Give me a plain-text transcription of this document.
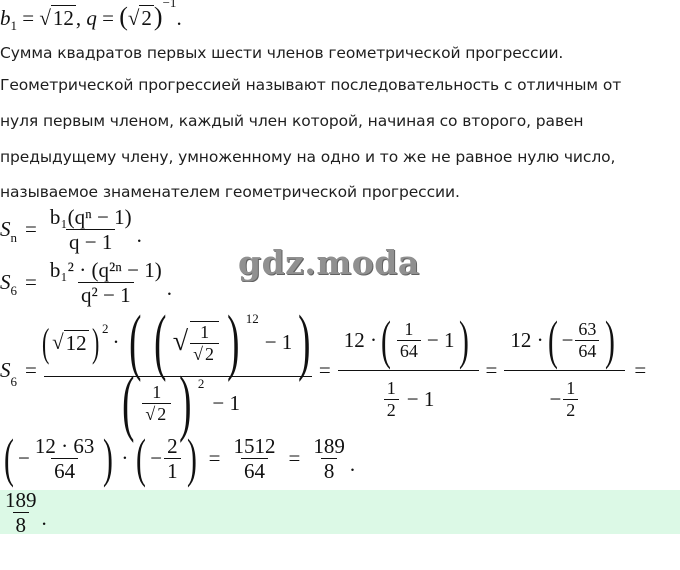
$b_1 = √12$, $q = (√2)^{-1}$.
Сумма квадратов первых шести членов геометрической прогрессии.
Геометрической прогрессией называют последовательность с отличным от
нуля первым членом, каждый член которой, начиная со второго, равен
предыдущему члену, умноженному на одно и то же не равное нулю число,
называемое знаменателем геометрической прогрессии.
$S_n = \frac{\text{b₁(qⁿ − 1)}}{q - 1}$ .
$S_6 = \frac{\text{b₁² · (q²ⁿ − 1)}}{\text{q² − 1}}$ .
gdz.moda
$S_6$ =
( √ 12 )$^2$
· ( ( √ $\frac{1}{√ 2}$ ) $^{12}$
− 1 )
( $\frac{1}{√ 2}$ ) $^2$
− 1
=
12 · ( $\frac{1}{64} - 1$ )
$\frac{1}{2} - 1$
=
12 · ( − $\frac{63}{64}$ )
− $\frac{1}{2}$
=
( − $\frac{12 \cdot 63}{64}$ ) · ( − $\frac{2}{1}$ ) = $\frac{1512}{64} = \frac{189}{8}$ .
$\frac{189}{8}$ .
